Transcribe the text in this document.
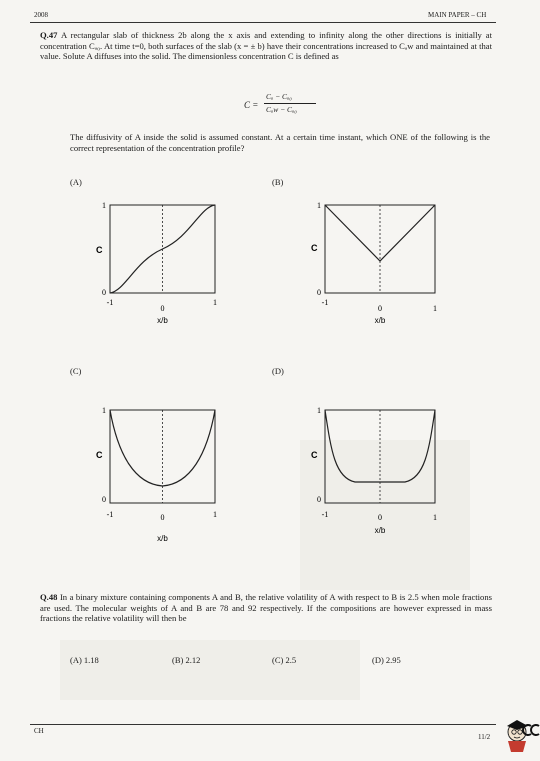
2008	MAIN PAPER – CH
Q.47 A rectangular slab of thickness 2b along the x axis and extending to infinity along the other directions is initially at concentration Cₐ₀. At time t=0, both surfaces of the slab (x = ± b) have their concentrations increased to Cₐw and maintained at that value. Solute A diffuses into the solid. The dimensionless concentration C is defined as
C =
Cₐ − Cₐ₀
Cₐw − Cₐ₀
The diffusivity of A inside the solid is assumed constant. At a certain time instant, which ONE of the following is the correct representation of the concentration profile?
(A)	(B)
(C)	(D)
1
0
C
-1
0
1
x/b
1
0
C
-1
0	1
x/b
1
0
C
-1	0	1
x/b
1
0
C
-1	0	1
x/b
Q.48 In a binary mixture containing components A and B, the relative volatility of A with respect to B is 2.5 when mole fractions are used. The molecular weights of A and B are 78 and 92 respectively. If the compositions are however expressed in mass fractions the relative volatility will then be
(A) 1.18	(B) 2.12	(C) 2.5	(D) 2.95
CH
11/2
